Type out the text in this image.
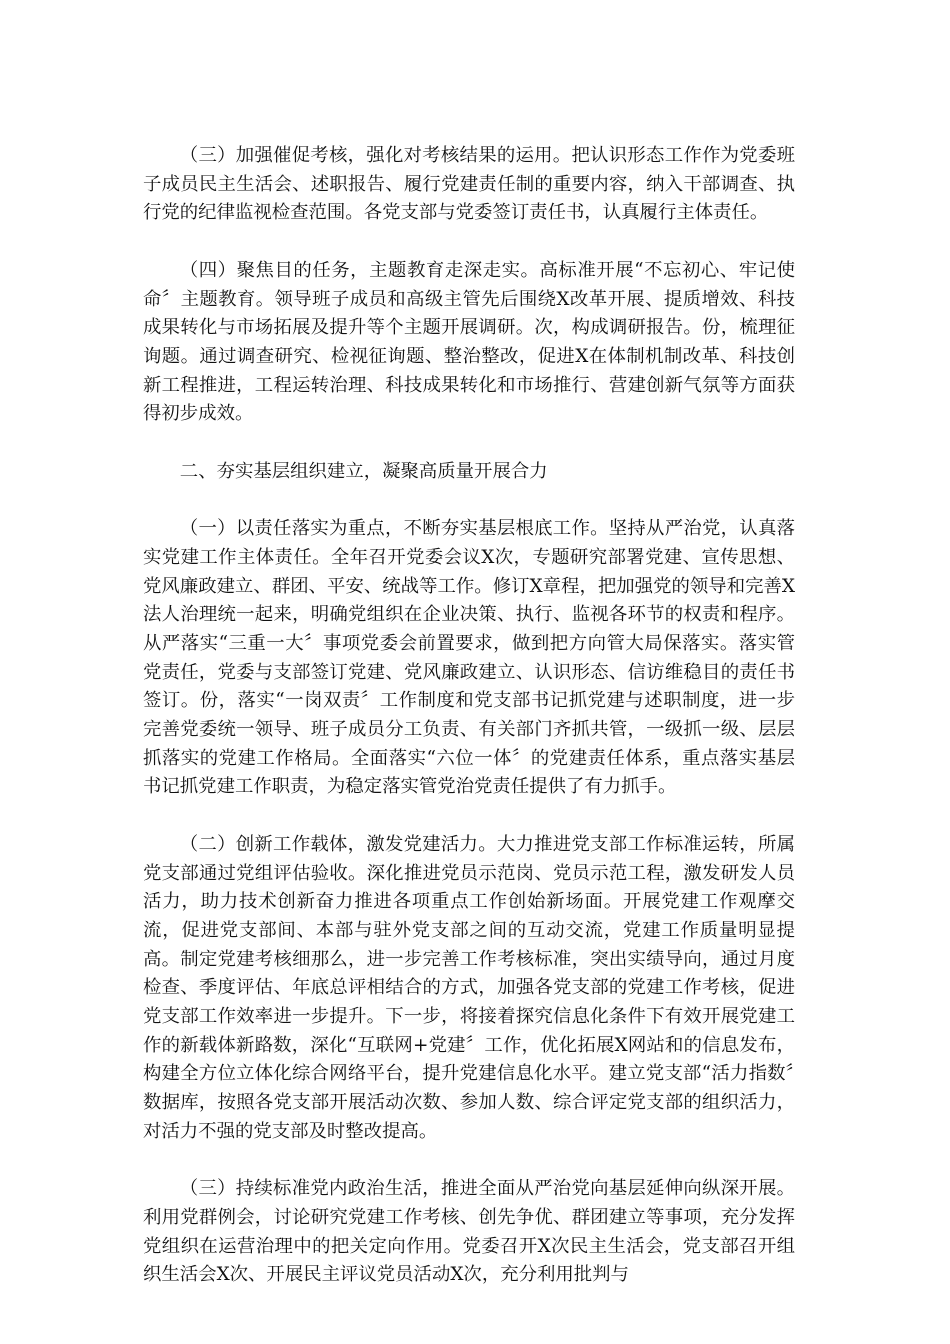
（三）加强催促考核，强化对考核结果的运用。把认识形态工作作为党委班子成员民主生活会、述职报告、履行党建责任制的重要内容，纳入干部调查、执行党的纪律监视检查范围。各党支部与党委签订责任书，认真履行主体责任。

（四）聚焦目的任务，主题教育走深走实。高标准开展“不忘初心、牢记使命〞主题教育。领导班子成员和高级主管先后围绕X改革开展、提质增效、科技成果转化与市场拓展及提升等个主题开展调研。次，构成调研报告。份，梳理征询题。通过调查研究、检视征询题、整治整改，促进X在体制机制改革、科技创新工程推进，工程运转治理、科技成果转化和市场推行、营建创新气氛等方面获得初步成效。

二、夯实基层组织建立，凝聚高质量开展合力

（一）以责任落实为重点，不断夯实基层根底工作。坚持从严治党，认真落实党建工作主体责任。全年召开党委会议X次，专题研究部署党建、宣传思想、党风廉政建立、群团、平安、统战等工作。修订X章程，把加强党的领导和完善X法人治理统一起来，明确党组织在企业决策、执行、监视各环节的权责和程序。从严落实“三重一大〞事项党委会前置要求，做到把方向管大局保落实。落实管党责任，党委与支部签订党建、党风廉政建立、认识形态、信访维稳目的责任书签订。份，落实“一岗双责〞工作制度和党支部书记抓党建与述职制度，进一步完善党委统一领导、班子成员分工负责、有关部门齐抓共管，一级抓一级、层层抓落实的党建工作格局。全面落实“六位一体〞的党建责任体系，重点落实基层书记抓党建工作职责，为稳定落实管党治党责任提供了有力抓手。

（二）创新工作载体，激发党建活力。大力推进党支部工作标准运转，所属党支部通过党组评估验收。深化推进党员示范岗、党员示范工程，激发研发人员活力，助力技术创新奋力推进各项重点工作创始新场面。开展党建工作观摩交流，促进党支部间、本部与驻外党支部之间的互动交流，党建工作质量明显提高。制定党建考核细那么，进一步完善工作考核标准，突出实绩导向，通过月度检查、季度评估、年底总评相结合的方式，加强各党支部的党建工作考核，促进党支部工作效率进一步提升。下一步，将接着探究信息化条件下有效开展党建工作的新载体新路数，深化“互联网+党建〞工作，优化拓展X网站和的信息发布，构建全方位立体化综合网络平台，提升党建信息化水平。建立党支部“活力指数〞数据库，按照各党支部开展活动次数、参加人数、综合评定党支部的组织活力，对活力不强的党支部及时整改提高。

（三）持续标准党内政治生活，推进全面从严治党向基层延伸向纵深开展。利用党群例会，讨论研究党建工作考核、创先争优、群团建立等事项，充分发挥党组织在运营治理中的把关定向作用。党委召开X次民主生活会，党支部召开组织生活会X次、开展民主评议党员活动X次，充分利用批判与
